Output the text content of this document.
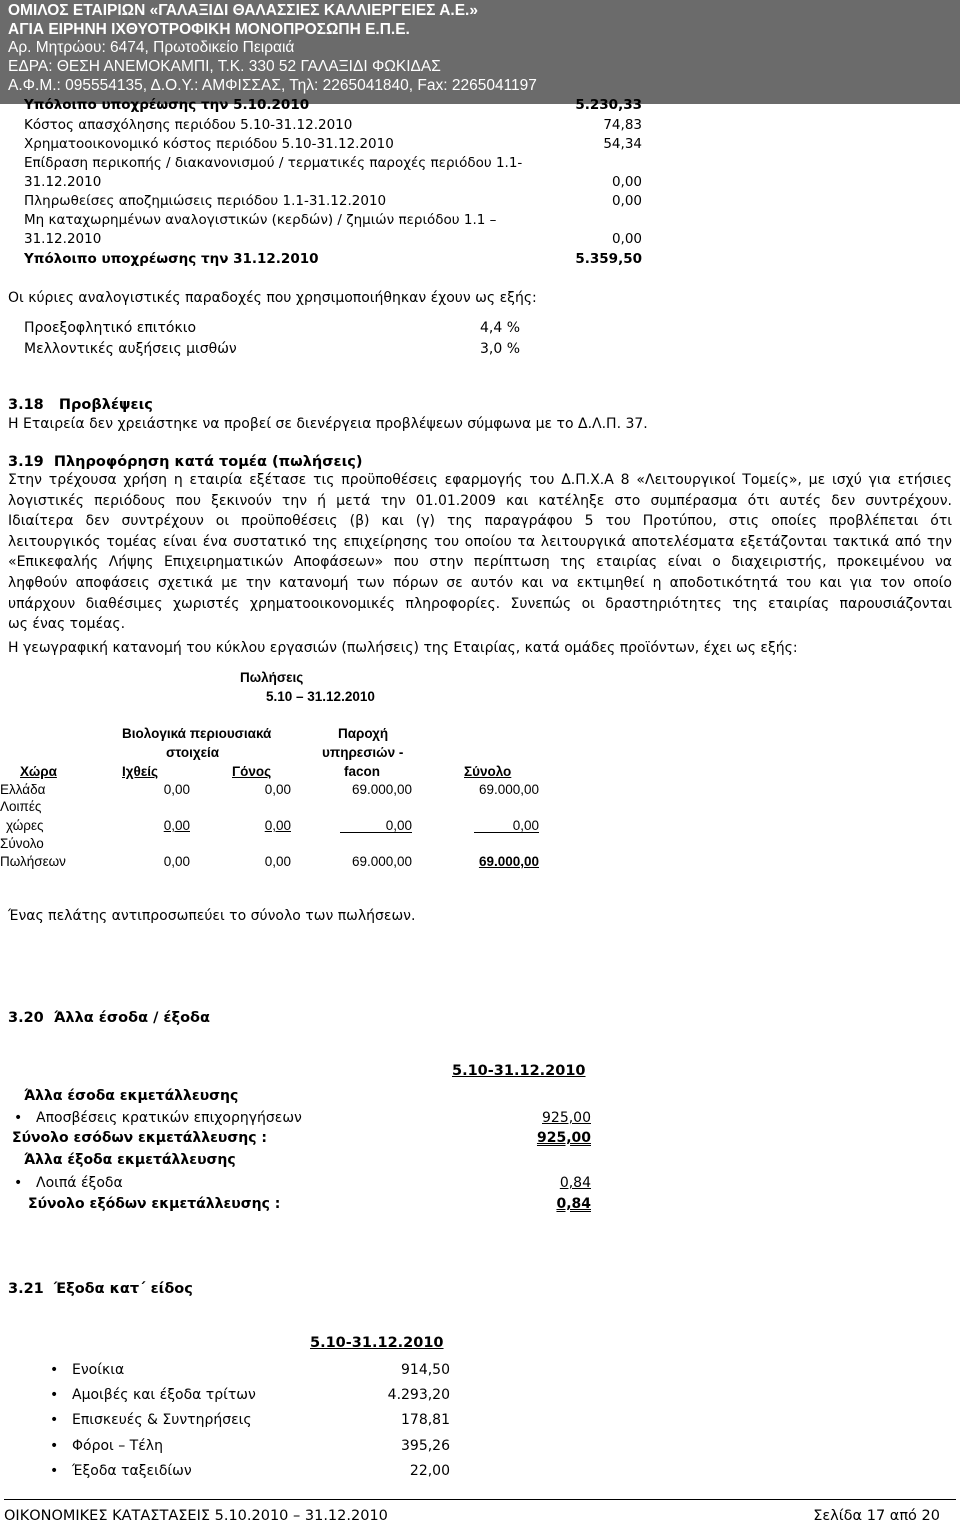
ΟΜΙΛΟΣ ΕΤΑΙΡΙΩΝ «ΓΑΛΑΞΙΔΙ ΘΑΛΑΣΣΙΕΣ ΚΑΛΛΙΕΡΓΕΙΕΣ Α.Ε.»
ΑΓΙΑ ΕΙΡΗΝΗ ΙΧΘΥΟΤΡΟΦΙΚΗ ΜΟΝΟΠΡΟΣΩΠΗ Ε.Π.Ε.
Αρ. Μητρώου: 6474, Πρωτοδικείο Πειραιά
ΕΔΡΑ: ΘΕΣΗ ΑΝΕΜΟΚΑΜΠΙ, Τ.Κ. 330 52 ΓΑΛΑΞΙΔΙ ΦΩΚΙΔΑΣ
Α.Φ.Μ.: 095554135, Δ.Ο.Υ.: ΑΜΦΙΣΣΑΣ, Τηλ: 2265041840, Fax: 2265041197
Υπόλοιπο υποχρέωσης την 5.10.2010	5.230,33
Κόστος απασχόλησης περιόδου 5.10-31.12.2010	74,83
Χρηματοοικονομικό κόστος περιόδου 5.10-31.12.2010	54,34
Επίδραση περικοπής / διακανονισμού / τερματικές παροχές περιόδου 1.1-
31.12.2010	0,00
Πληρωθείσες αποζημιώσεις περιόδου 1.1-31.12.2010	0,00
Μη καταχωρημένων αναλογιστικών (κερδών) / ζημιών περιόδου 1.1 –
31.12.2010	0,00
Υπόλοιπο υποχρέωσης την 31.12.2010	5.359,50
Οι κύριες αναλογιστικές παραδοχές που χρησιμοποιήθηκαν έχουν ως εξής:
Προεξοφλητικό επιτόκιο	4,4 %
Μελλοντικές αυξήσεις μισθών	3,0 %
3.18   Προβλέψεις
Η Εταιρεία δεν χρειάστηκε να προβεί σε διενέργεια προβλέψεων σύμφωνα με το Δ.Λ.Π. 37.
3.19  Πληροφόρηση κατά τομέα (πωλήσεις)
Στην τρέχουσα χρήση η εταιρία εξέτασε τις προϋποθέσεις εφαρμογής του Δ.Π.Χ.Α 8 «Λειτουργικοί Τομείς», με ισχύ για ετήσιες
λογιστικές περιόδους που ξεκινούν την ή μετά την 01.01.2009 και κατέληξε στο συμπέρασμα ότι αυτές δεν συντρέχουν.
Ιδιαίτερα δεν συντρέχουν οι προϋποθέσεις (β) και (γ) της παραγράφου 5 του Προτύπου, στις οποίες προβλέπεται ότι
λειτουργικός τομέας είναι ένα συστατικό της επιχείρησης του οποίου τα λειτουργικά αποτελέσματα εξετάζονται τακτικά από την
«Επικεφαλής Λήψης Επιχειρηματικών Αποφάσεων» που στην περίπτωση της εταιρίας είναι ο διαχειριστής, προκειμένου να
ληφθούν αποφάσεις σχετικά με την κατανομή των πόρων σε αυτόν και να εκτιμηθεί η αποδοτικότητά του και για τον οποίο
υπάρχουν διαθέσιμες χωριστές χρηματοοικονομικές πληροφορίες. Συνεπώς οι δραστηριότητες της εταιρίας παρουσιάζονται
ως ένας τομέας.
Η γεωγραφική κατανομή του κύκλου εργασιών (πωλήσεις) της Εταιρίας, κατά ομάδες προϊόντων, έχει ως εξής:
Πωλήσεις
5.10 – 31.12.2010
Βιολογικά περιουσιακά
στοιχεία
Παροχή
υπηρεσιών -
Χώρα	Ιχθείς	Γόνος	facon	Σύνολο
Ελλάδα	0,00	0,00	69.000,00	69.000,00
Λοιπές
χώρες	0,00	0,00	0,00	0,00
Σύνολο
Πωλήσεων	0,00	0,00	69.000,00	69.000,00
Ένας πελάτης αντιπροσωπεύει το σύνολο των πωλήσεων.
3.20  Άλλα έσοδα / έξοδα
5.10-31.12.2010
Άλλα έσοδα εκμετάλλευσης
• Αποσβέσεις κρατικών επιχορηγήσεων	925,00
Σύνολο εσόδων εκμετάλλευσης :	925,00
Άλλα έξοδα εκμετάλλευσης
• Λοιπά έξοδα	0,84
Σύνολο εξόδων εκμετάλλευσης :	0,84
3.21  Έξοδα κατ΄ είδος
5.10-31.12.2010
• Ενοίκια	914,50
• Αμοιβές και έξοδα τρίτων	4.293,20
• Επισκευές & Συντηρήσεις	178,81
• Φόροι – Τέλη	395,26
• Έξοδα ταξειδίων	22,00
ΟΙΚΟΝΟΜΙΚΕΣ ΚΑΤΑΣΤΑΣΕΙΣ 5.10.2010 – 31.12.2010	Σελίδα 17 από 20
